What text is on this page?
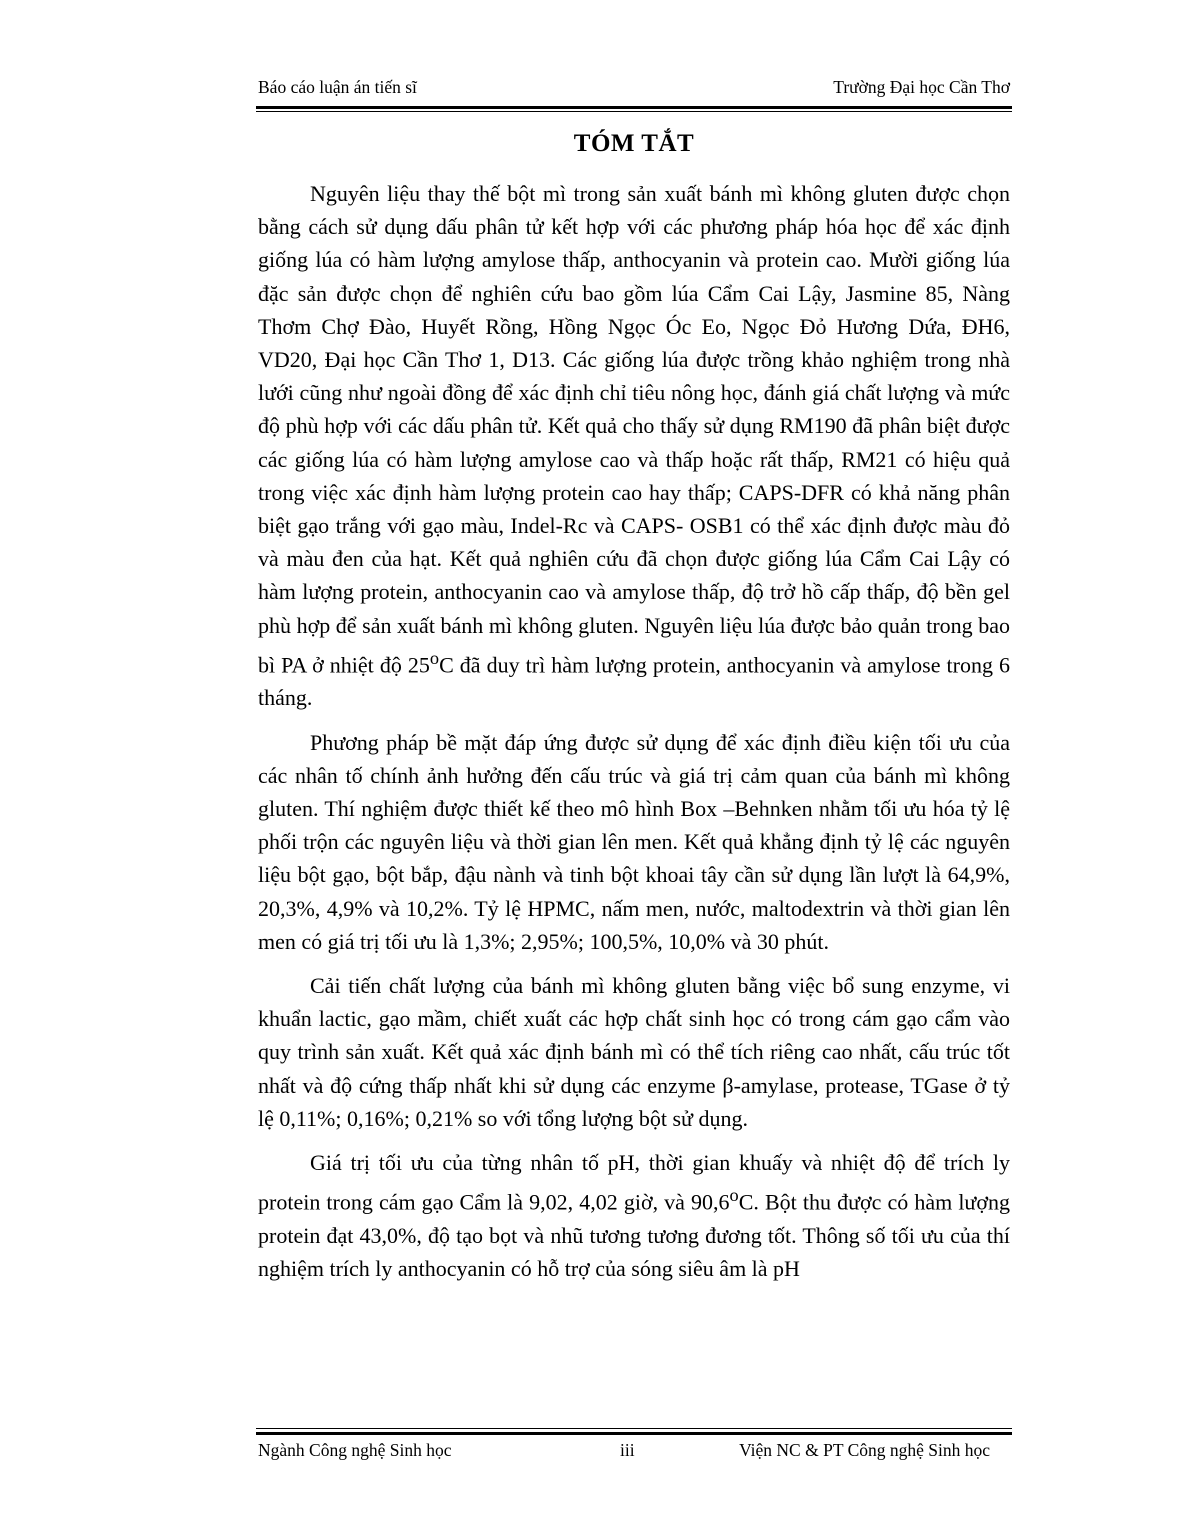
Báo cáo luận án tiến sĩ	Trường Đại học Cần Thơ
TÓM TẮT

Nguyên liệu thay thế bột mì trong sản xuất bánh mì không gluten được chọn bằng cách sử dụng dấu phân tử kết hợp với các phương pháp hóa học để xác định giống lúa có hàm lượng amylose thấp, anthocyanin và protein cao. Mười giống lúa đặc sản được chọn để nghiên cứu bao gồm lúa Cẩm Cai Lậy, Jasmine 85, Nàng Thơm Chợ Đào, Huyết Rồng, Hồng Ngọc Óc Eo, Ngọc Đỏ Hương Dứa, ĐH6, VD20, Đại học Cần Thơ 1, D13. Các giống lúa được trồng khảo nghiệm trong nhà lưới cũng như ngoài đồng để xác định chỉ tiêu nông học, đánh giá chất lượng và mức độ phù hợp với các dấu phân tử. Kết quả cho thấy sử dụng RM190 đã phân biệt được các giống lúa có hàm lượng amylose cao và thấp hoặc rất thấp, RM21 có hiệu quả trong việc xác định hàm lượng protein cao hay thấp; CAPS-DFR có khả năng phân biệt gạo trắng với gạo màu, Indel-Rc và CAPS- OSB1 có thể xác định được màu đỏ và màu đen của hạt. Kết quả nghiên cứu đã chọn được giống lúa Cẩm Cai Lậy có hàm lượng protein, anthocyanin cao và amylose thấp, độ trở hồ cấp thấp, độ bền gel phù hợp để sản xuất bánh mì không gluten. Nguyên liệu lúa được bảo quản trong bao bì PA ở nhiệt độ 25$^o$C đã duy trì hàm lượng protein, anthocyanin và amylose trong 6 tháng.

Phương pháp bề mặt đáp ứng được sử dụng để xác định điều kiện tối ưu của các nhân tố chính ảnh hưởng đến cấu trúc và giá trị cảm quan của bánh mì không gluten. Thí nghiệm được thiết kế theo mô hình Box –Behnken nhằm tối ưu hóa tỷ lệ phối trộn các nguyên liệu và thời gian lên men. Kết quả khẳng định tỷ lệ các nguyên liệu bột gạo, bột bắp, đậu nành và tinh bột khoai tây cần sử dụng lần lượt là 64,9%, 20,3%, 4,9% và 10,2%. Tỷ lệ HPMC, nấm men, nước, maltodextrin và thời gian lên men có giá trị tối ưu là 1,3%; 2,95%; 100,5%, 10,0% và 30 phút.

Cải tiến chất lượng của bánh mì không gluten bằng việc bổ sung enzyme, vi khuẩn lactic, gạo mầm, chiết xuất các hợp chất sinh học có trong cám gạo cẩm vào quy trình sản xuất. Kết quả xác định bánh mì có thể tích riêng cao nhất, cấu trúc tốt nhất và độ cứng thấp nhất khi sử dụng các enzyme β-amylase, protease, TGase ở tỷ lệ 0,11%; 0,16%; 0,21% so với tổng lượng bột sử dụng.

Giá trị tối ưu của từng nhân tố pH, thời gian khuấy và nhiệt độ để trích ly protein trong cám gạo Cẩm là 9,02, 4,02 giờ, và 90,6$^o$C. Bột thu được có hàm lượng protein đạt 43,0%, độ tạo bọt và nhũ tương tương đương tốt. Thông số tối ưu của thí nghiệm trích ly anthocyanin có hỗ trợ của sóng siêu âm là pH

Ngành Công nghệ Sinh học	iii	Viện NC & PT Công nghệ Sinh học
